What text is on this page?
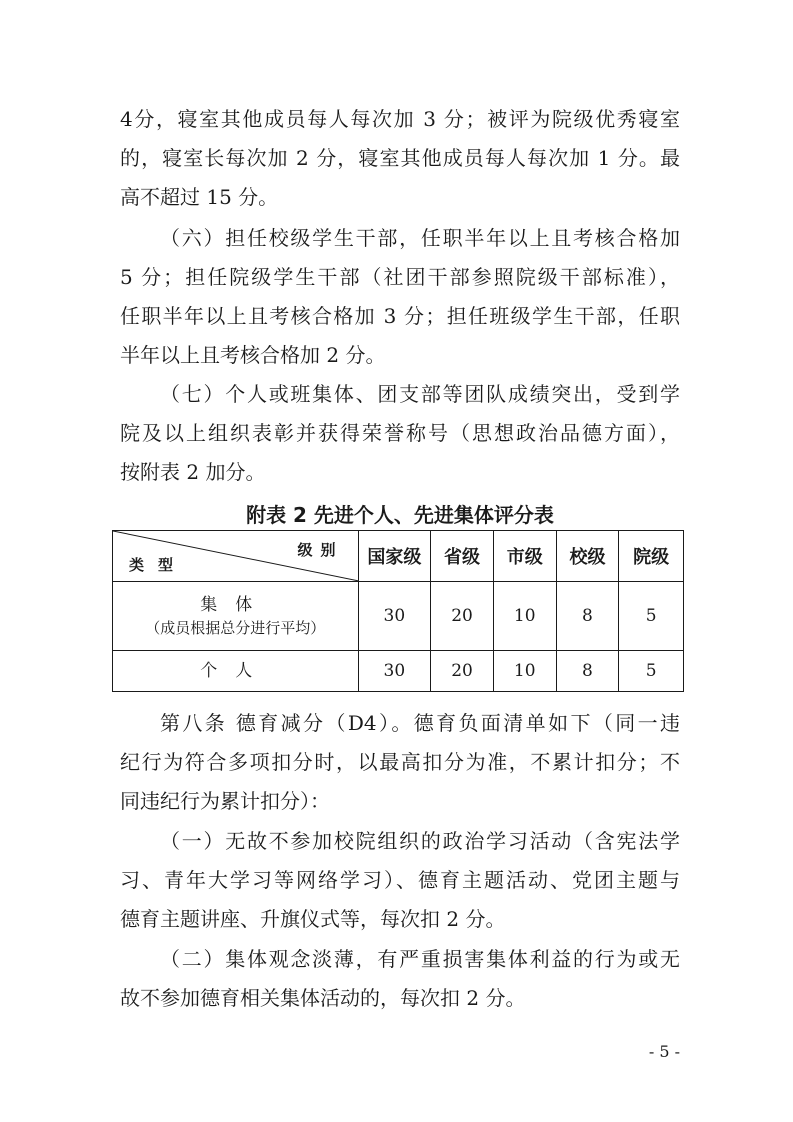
4分，寝室其他成员每人每次加 3 分；被评为院级优秀寝室
的，寝室长每次加 2 分，寝室其他成员每人每次加 1 分。最
高不超过 15 分。
（六）担任校级学生干部，任职半年以上且考核合格加
5 分；担任院级学生干部（社团干部参照院级干部标准），
任职半年以上且考核合格加 3 分；担任班级学生干部，任职
半年以上且考核合格加 2 分。
（七）个人或班集体、团支部等团队成绩突出，受到学
院及以上组织表彰并获得荣誉称号（思想政治品德方面），
按附表 2 加分。
附表 2 先进个人、先进集体评分表
类型
级别	国家级	省级	市级	校级	院级

集体
（成员根据总分进行平均）	30	20	10	8	5

个人	30	20	10	8	5
第八条 德育减分（D4）。德育负面清单如下（同一违
纪行为符合多项扣分时，以最高扣分为准，不累计扣分；不
同违纪行为累计扣分）：
（一）无故不参加校院组织的政治学习活动（含宪法学
习、青年大学习等网络学习）、德育主题活动、党团主题与
德育主题讲座、升旗仪式等，每次扣 2 分。
（二）集体观念淡薄，有严重损害集体利益的行为或无
故不参加德育相关集体活动的，每次扣 2 分。
- 5 -
